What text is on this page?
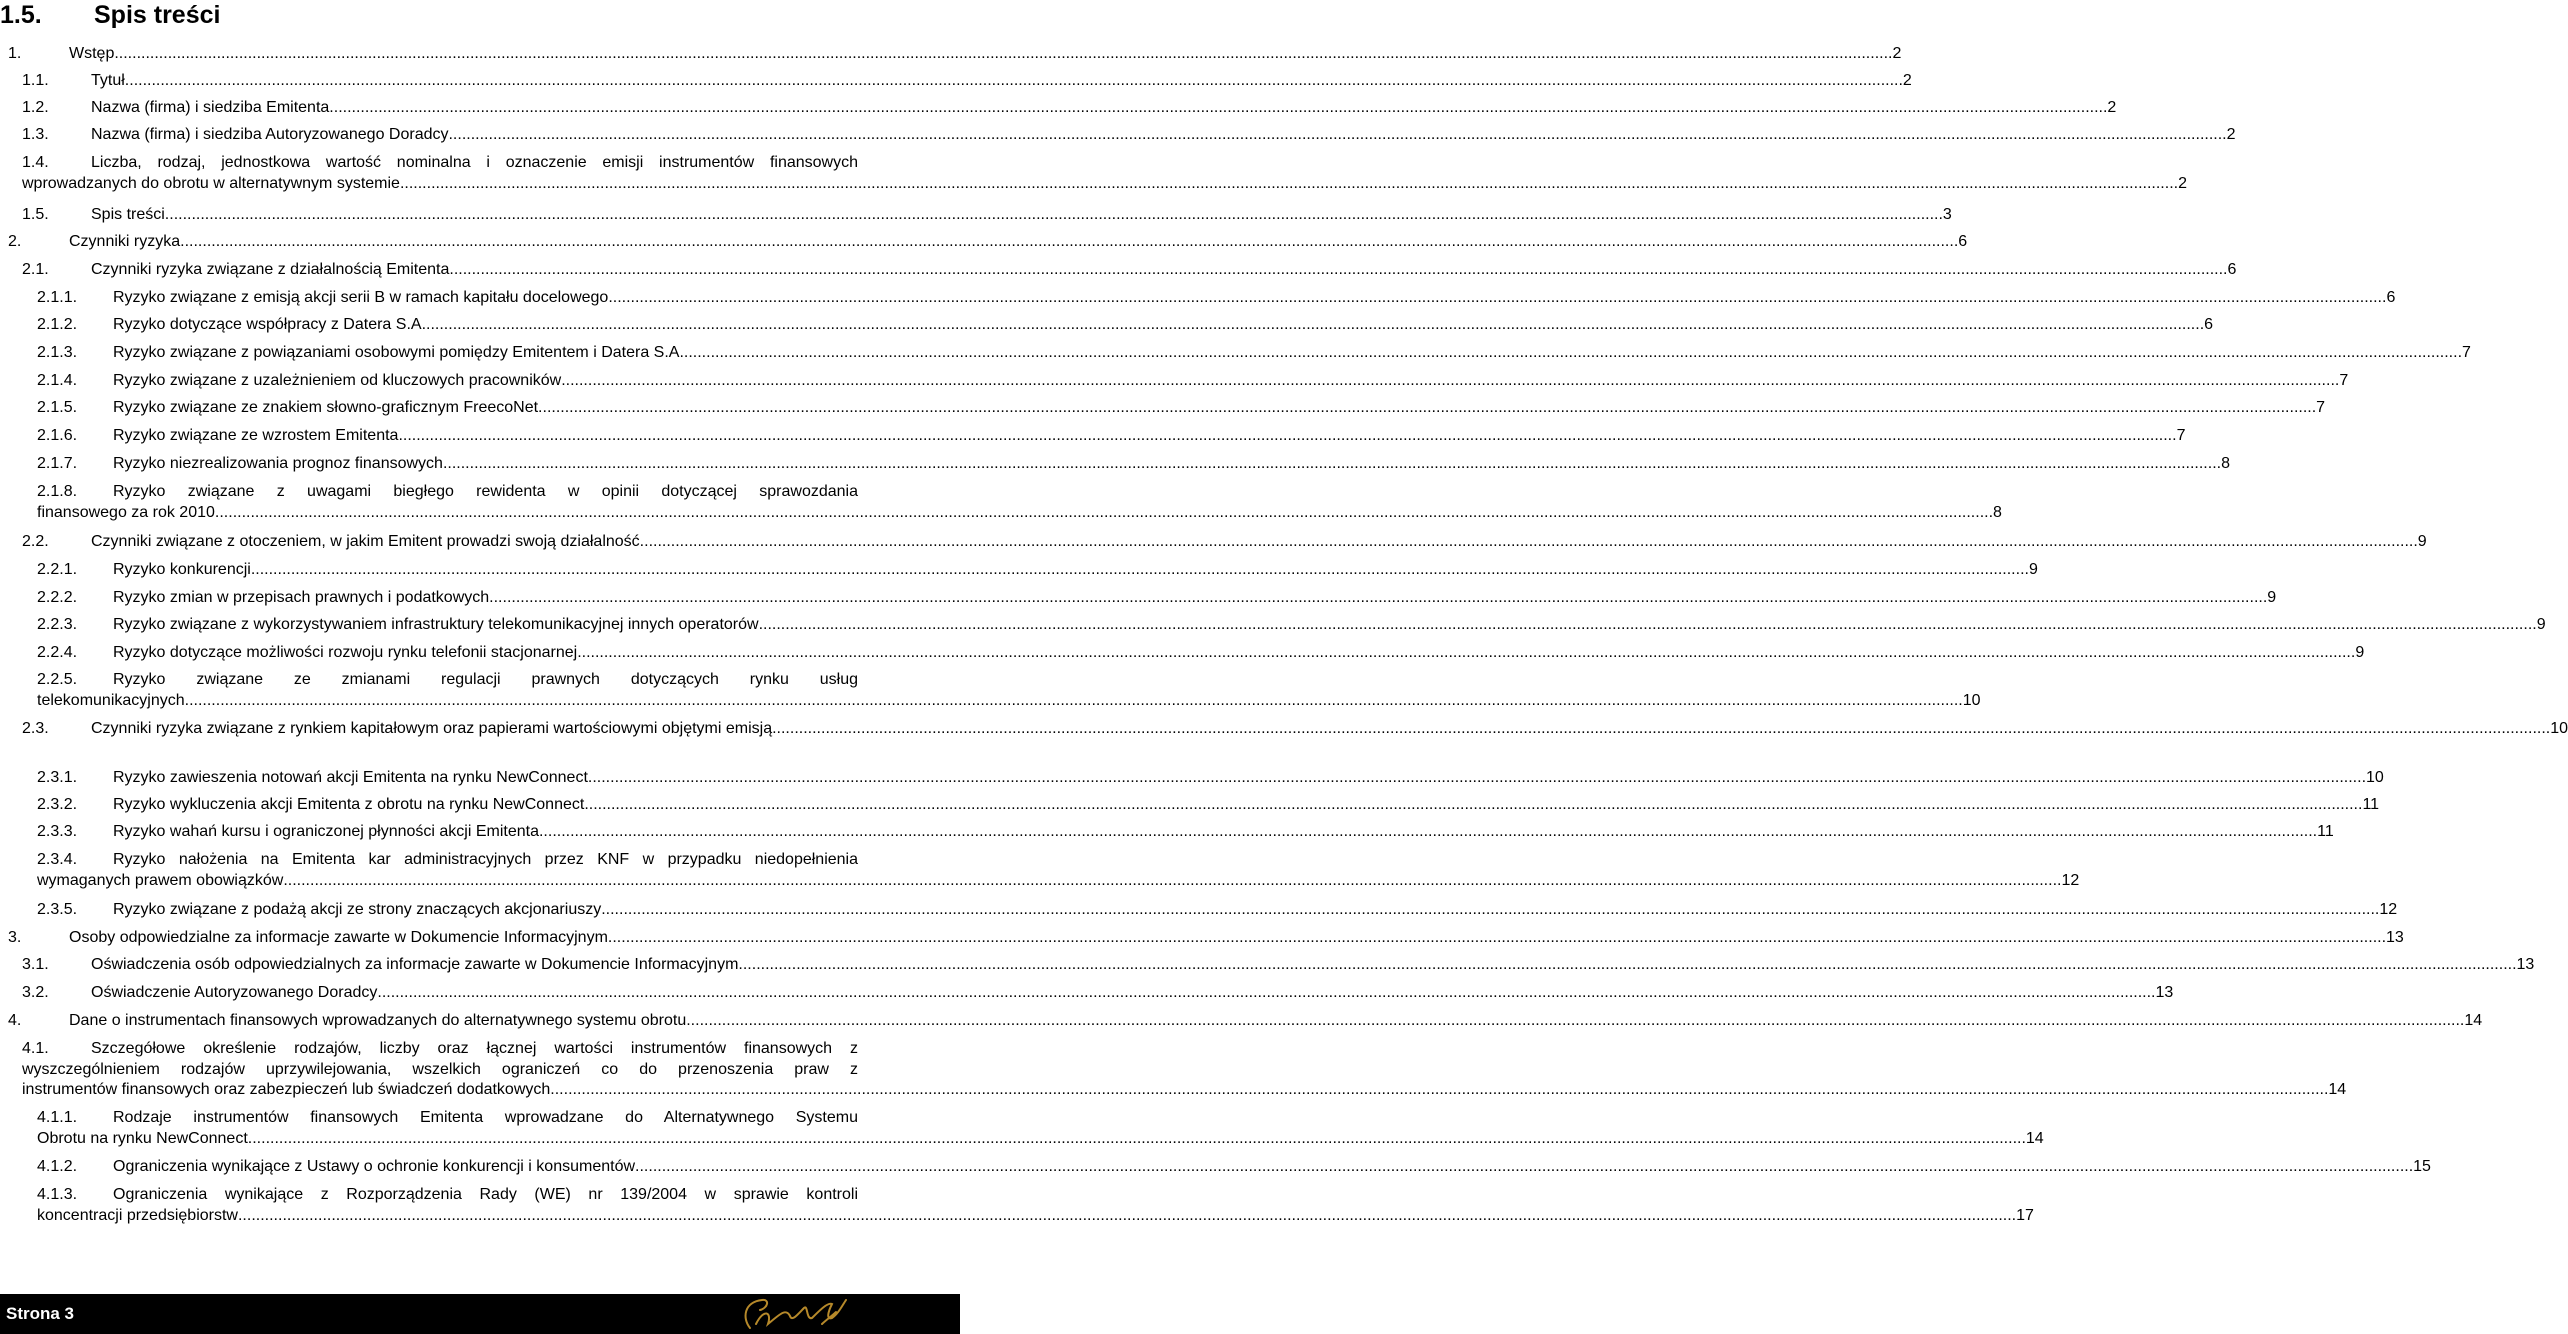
1.5. Spis treści
1.	Wstęp ................................................................................................................................................................................................................................................................................................................................................................................................................ 2
1.1.	Tytuł ................................................................................................................................................................................................................................................................................................................................................................................................................ 2
1.2.	Nazwa (firma) i siedziba Emitenta ................................................................................................................................................................................................................................................................................................................................................................................................................ 2
1.3.	Nazwa (firma) i siedziba Autoryzowanego Doradcy ................................................................................................................................................................................................................................................................................................................................................................................................................ 2
1.4.	Liczba, rodzaj, jednostkowa wartość nominalna i oznaczenie emisji instrumentów finansowych
wprowadzanych do obrotu w alternatywnym systemie ................................................................................................................................................................................................................................................................................................................................................................................................................ 2
1.5.	Spis treści ................................................................................................................................................................................................................................................................................................................................................................................................................ 3
2.	Czynniki ryzyka ................................................................................................................................................................................................................................................................................................................................................................................................................ 6
2.1.	Czynniki ryzyka związane z działalnością Emitenta ................................................................................................................................................................................................................................................................................................................................................................................................................ 6
2.1.1. Ryzyko związane z emisją akcji serii B w ramach kapitału docelowego ................................................................................................................................................................................................................................................................................................................................................................................................................ 6
2.1.2. Ryzyko dotyczące współpracy z Datera S.A. ................................................................................................................................................................................................................................................................................................................................................................................................................ 6
2.1.3. Ryzyko związane z powiązaniami osobowymi pomiędzy Emitentem i Datera S.A. ................................................................................................................................................................................................................................................................................................................................................................................................................ 7
2.1.4. Ryzyko związane z uzależnieniem od kluczowych pracowników ................................................................................................................................................................................................................................................................................................................................................................................................................ 7
2.1.5. Ryzyko związane ze znakiem słowno-graficznym FreecoNet ................................................................................................................................................................................................................................................................................................................................................................................................................ 7
2.1.6. Ryzyko związane ze wzrostem Emitenta ................................................................................................................................................................................................................................................................................................................................................................................................................ 7
2.1.7. Ryzyko niezrealizowania prognoz finansowych ................................................................................................................................................................................................................................................................................................................................................................................................................ 8
2.1.8. Ryzyko związane z uwagami biegłego rewidenta w opinii dotyczącej sprawozdania
finansowego za rok 2010 ................................................................................................................................................................................................................................................................................................................................................................................................................ 8
2.2.	Czynniki związane z otoczeniem, w jakim Emitent prowadzi swoją działalność ................................................................................................................................................................................................................................................................................................................................................................................................................ 9
2.2.1. Ryzyko konkurencji ................................................................................................................................................................................................................................................................................................................................................................................................................ 9
2.2.2. Ryzyko zmian w przepisach prawnych i podatkowych ................................................................................................................................................................................................................................................................................................................................................................................................................ 9
2.2.3. Ryzyko związane z wykorzystywaniem infrastruktury telekomunikacyjnej innych operatorów ................................................................................................................................................................................................................................................................................................................................................................................................................ 9
2.2.4. Ryzyko dotyczące możliwości rozwoju rynku telefonii stacjonarnej ................................................................................................................................................................................................................................................................................................................................................................................................................ 9
2.2.5. Ryzyko związane ze zmianami regulacji prawnych dotyczących rynku usług
telekomunikacyjnych ................................................................................................................................................................................................................................................................................................................................................................................................................ 10
2.3.	Czynniki ryzyka związane z rynkiem kapitałowym oraz papierami wartościowymi objętymi emisją ................................................................................................................................................................................................................................................................................................................................................................................................................ 10
2.3.1. Ryzyko zawieszenia notowań akcji Emitenta na rynku NewConnect ................................................................................................................................................................................................................................................................................................................................................................................................................ 10
2.3.2. Ryzyko wykluczenia akcji Emitenta z obrotu na rynku NewConnect ................................................................................................................................................................................................................................................................................................................................................................................................................ 11
2.3.3. Ryzyko wahań kursu i ograniczonej płynności akcji Emitenta ................................................................................................................................................................................................................................................................................................................................................................................................................ 11
2.3.4. Ryzyko nałożenia na Emitenta kar administracyjnych przez KNF w przypadku niedopełnienia
wymaganych prawem obowiązków ................................................................................................................................................................................................................................................................................................................................................................................................................ 12
2.3.5. Ryzyko związane z podażą akcji ze strony znaczących akcjonariuszy ................................................................................................................................................................................................................................................................................................................................................................................................................ 12
3.	Osoby odpowiedzialne za informacje zawarte w Dokumencie Informacyjnym ................................................................................................................................................................................................................................................................................................................................................................................................................ 13
3.1.	Oświadczenia osób odpowiedzialnych za informacje zawarte w Dokumencie Informacyjnym ................................................................................................................................................................................................................................................................................................................................................................................................................ 13
3.2.	Oświadczenie Autoryzowanego Doradcy ................................................................................................................................................................................................................................................................................................................................................................................................................ 13
4.	Dane o instrumentach finansowych wprowadzanych do alternatywnego systemu obrotu ................................................................................................................................................................................................................................................................................................................................................................................................................ 14
4.1.	Szczegółowe określenie rodzajów, liczby oraz łącznej wartości instrumentów finansowych z
wyszczególnieniem rodzajów uprzywilejowania, wszelkich ograniczeń co do przenoszenia praw z
instrumentów finansowych oraz zabezpieczeń lub świadczeń dodatkowych ................................................................................................................................................................................................................................................................................................................................................................................................................ 14
4.1.1. Rodzaje instrumentów finansowych Emitenta wprowadzane do Alternatywnego Systemu
Obrotu na rynku NewConnect ................................................................................................................................................................................................................................................................................................................................................................................................................ 14
4.1.2. Ograniczenia wynikające z Ustawy o ochronie konkurencji i konsumentów ................................................................................................................................................................................................................................................................................................................................................................................................................ 15
4.1.3. Ograniczenia wynikające z Rozporządzenia Rady (WE) nr 139/2004 w sprawie kontroli
koncentracji przedsiębiorstw ................................................................................................................................................................................................................................................................................................................................................................................................................ 17
Strona 3
